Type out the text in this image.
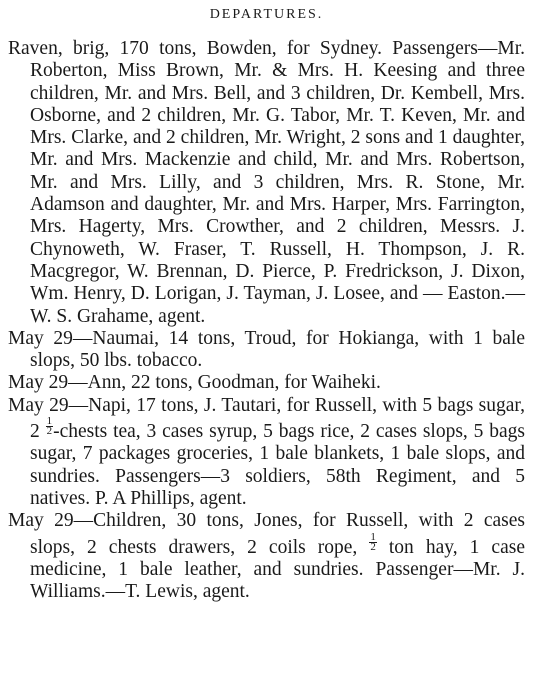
DEPARTURES.

Raven, brig, 170 tons, Bowden, for Sydney. Passengers—Mr. Roberton, Miss Brown, Mr. & Mrs. H. Keesing and three children, Mr. and Mrs. Bell, and 3 children, Dr. Kembell, Mrs. Osborne, and 2 children, Mr. G. Tabor, Mr. T. Keven, Mr. and Mrs. Clarke, and 2 children, Mr. Wright, 2 sons and 1 daughter, Mr. and Mrs. Mackenzie and child, Mr. and Mrs. Robertson, Mr. and Mrs. Lilly, and 3 children, Mrs. R. Stone, Mr. Adamson and daughter, Mr. and Mrs. Harper, Mrs. Farrington, Mrs. Hagerty, Mrs. Crowther, and 2 children, Messrs. J. Chynoweth, W. Fraser, T. Russell, H. Thompson, J. R. Macgregor, W. Brennan, D. Pierce, P. Fredrickson, J. Dixon, Wm. Henry, D. Lorigan, J. Tayman, J. Losee, and — Easton.—W. S. Grahame, agent.

May 29—Naumai, 14 tons, Troud, for Hokianga, with 1 bale slops, 50 lbs. tobacco.

May 29—Ann, 22 tons, Goodman, for Waiheki.

May 29—Napi, 17 tons, J. Tautari, for Russell, with 5 bags sugar, $2 \frac{1}{2}$ -chests tea, 3 cases syrup, 5 bags rice, 2 cases slops, 5 bags sugar, 7 packages groceries, 1 bale blankets, 1 bale slops, and sundries. Passengers—3 soldiers, 58th Regiment, and 5 natives. P. A Phillips, agent.

May 29—Children, 30 tons, Jones, for Russell, with 2 cases slops, 2 chests drawers, 2 coils rope, $\frac{1}{2}$ ton hay, 1 case medicine, 1 bale leather, and sundries. Passenger—Mr. J. Williams.—T. Lewis, agent.
